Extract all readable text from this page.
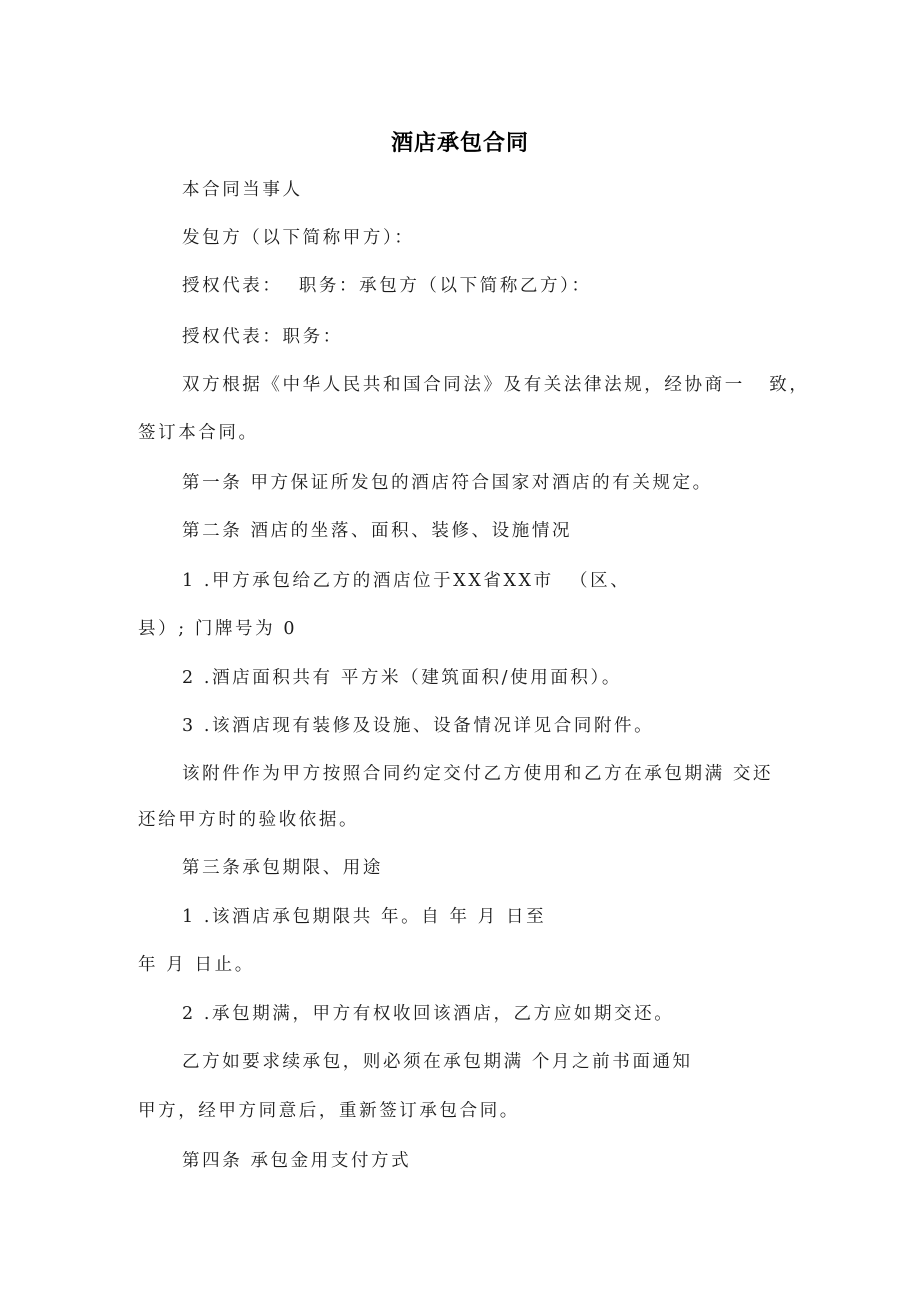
酒店承包合同
本合同当事人
发包方（以下简称甲方）：
授权代表：  职务：承包方（以下简称乙方）：
授权代表：职务：
双方根据《中华人民共和国合同法》及有关法律法规，经协商一   致，
签订本合同。
第一条 甲方保证所发包的酒店符合国家对酒店的有关规定。
第二条 酒店的坐落、面积、装修、设施情况
1 .甲方承包给乙方的酒店位于XX省XX市  （区、
县）; 门牌号为 0
2 .酒店面积共有 平方米（建筑面积/使用面积）。
3 .该酒店现有装修及设施、设备情况详见合同附件。
该附件作为甲方按照合同约定交付乙方使用和乙方在承包期满 交还
还给甲方时的验收依据。
第三条承包期限、用途
1 .该酒店承包期限共 年。自 年 月 日至
年 月 日止。
2 .承包期满，甲方有权收回该酒店，乙方应如期交还。
乙方如要求续承包，则必须在承包期满 个月之前书面通知
甲方，经甲方同意后，重新签订承包合同。
第四条 承包金用支付方式
